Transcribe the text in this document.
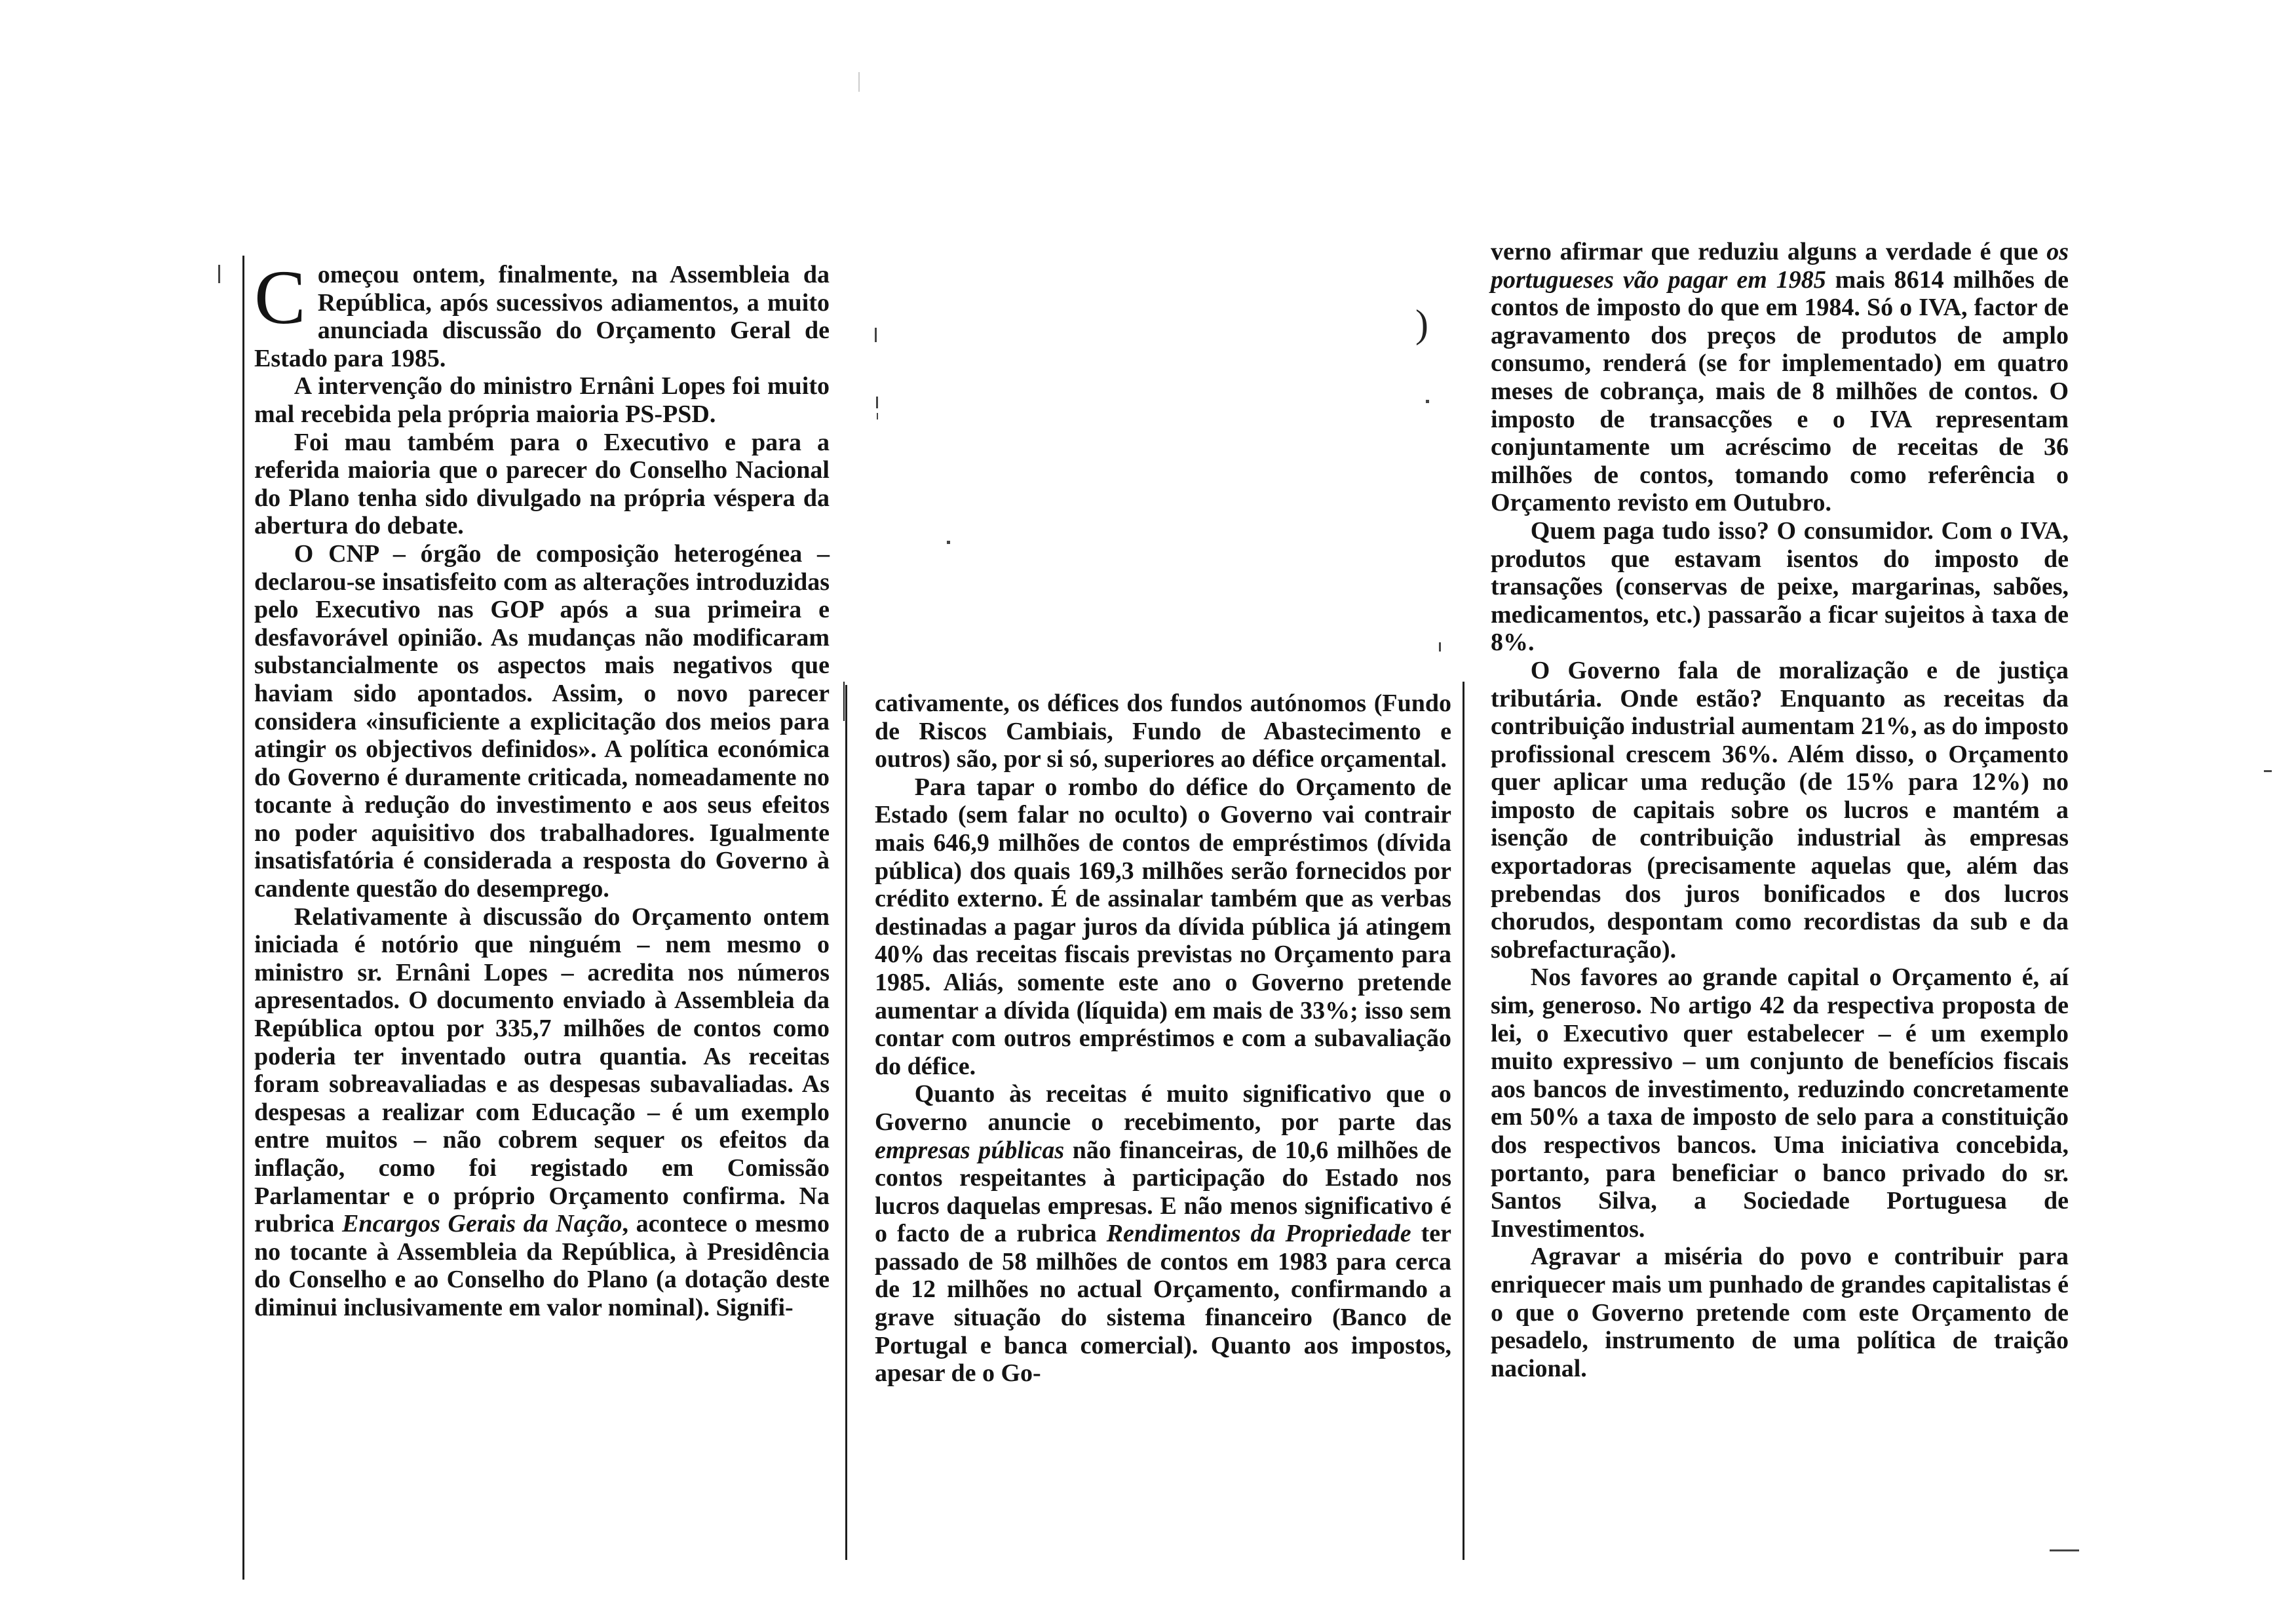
)

Começou ontem, finalmente, na Assembleia da República, após sucessivos adiamentos, a muito anunciada discussão do Orçamento Geral de Estado para 1985.

A intervenção do ministro Ernâni Lopes foi muito mal recebida pela própria maioria PS-PSD.

Foi mau também para o Executivo e para a referida maioria que o parecer do Conselho Nacional do Plano tenha sido divulgado na própria véspera da abertura do debate.

O CNP – órgão de composição heterogénea – declarou-se insatisfeito com as alterações introduzidas pelo Executivo nas GOP após a sua primeira e desfavorável opinião. As mudanças não modificaram substancialmente os aspectos mais negativos que haviam sido apontados. Assim, o novo parecer considera «insuficiente a explicitação dos meios para atingir os objectivos definidos». A política económica do Governo é duramente criticada, nomeadamente no tocante à redução do investimento e aos seus efeitos no poder aquisitivo dos trabalhadores. Igualmente insatisfatória é considerada a resposta do Governo à candente questão do desemprego.

Relativamente à discussão do Orçamento ontem iniciada é notório que ninguém – nem mesmo o ministro sr. Ernâni Lopes – acredita nos números apresentados. O documento enviado à Assembleia da República optou por 335,7 milhões de contos como poderia ter inventado outra quantia. As receitas foram sobreavaliadas e as despesas subavaliadas. As despesas a realizar com Educação – é um exemplo entre muitos – não cobrem sequer os efeitos da inflação, como foi registado em Comissão Parlamentar e o próprio Orçamento confirma. Na rubrica Encargos Gerais da Nação, acontece o mesmo no tocante à Assembleia da República, à Presidência do Conselho e ao Conselho do Plano (a dotação deste diminui inclusivamente em valor nominal). Signifi-

cativamente, os défices dos fundos autónomos (Fundo de Riscos Cambiais, Fundo de Abastecimento e outros) são, por si só, superiores ao défice orçamental.

Para tapar o rombo do défice do Orçamento de Estado (sem falar no oculto) o Governo vai contrair mais 646,9 milhões de contos de empréstimos (dívida pública) dos quais 169,3 milhões serão fornecidos por crédito externo. É de assinalar também que as verbas destinadas a pagar juros da dívida pública já atingem 40% das receitas fiscais previstas no Orçamento para 1985. Aliás, somente este ano o Governo pretende aumentar a dívida (líquida) em mais de 33%; isso sem contar com outros empréstimos e com a subavaliação do défice.

Quanto às receitas é muito significativo que o Governo anuncie o recebimento, por parte das empresas públicas não financeiras, de 10,6 milhões de contos respeitantes à participação do Estado nos lucros daquelas empresas. E não menos significativo é o facto de a rubrica Rendimentos da Propriedade ter passado de 58 milhões de contos em 1983 para cerca de 12 milhões no actual Orçamento, confirmando a grave situação do sistema financeiro (Banco de Portugal e banca comercial). Quanto aos impostos, apesar de o Go-

verno afirmar que reduziu alguns a verdade é que os portugueses vão pagar em 1985 mais 8614 milhões de contos de imposto do que em 1984. Só o IVA, factor de agravamento dos preços de produtos de amplo consumo, renderá (se for implementado) em quatro meses de cobrança, mais de 8 milhões de contos. O imposto de transacções e o IVA representam conjuntamente um acréscimo de receitas de 36 milhões de contos, tomando como referência o Orçamento revisto em Outubro.

Quem paga tudo isso? O consumidor. Com o IVA, produtos que estavam isentos do imposto de transações (conservas de peixe, margarinas, sabões, medicamentos, etc.) passarão a ficar sujeitos à taxa de 8%.

O Governo fala de moralização e de justiça tributária. Onde estão? Enquanto as receitas da contribuição industrial aumentam 21%, as do imposto profissional crescem 36%. Além disso, o Orçamento quer aplicar uma redução (de 15% para 12%) no imposto de capitais sobre os lucros e mantém a isenção de contribuição industrial às empresas exportadoras (precisamente aquelas que, além das prebendas dos juros bonificados e dos lucros chorudos, despontam como recordistas da sub e da sobrefacturação).

Nos favores ao grande capital o Orçamento é, aí sim, generoso. No artigo 42 da respectiva proposta de lei, o Executivo quer estabelecer – é um exemplo muito expressivo – um conjunto de benefícios fiscais aos bancos de investimento, reduzindo concretamente em 50% a taxa de imposto de selo para a constituição dos respectivos bancos. Uma iniciativa concebida, portanto, para beneficiar o banco privado do sr. Santos Silva, a Sociedade Portuguesa de Investimentos.

Agravar a miséria do povo e contribuir para enriquecer mais um punhado de grandes capitalistas é o que o Governo pretende com este Orçamento de pesadelo, instrumento de uma política de traição nacional.
